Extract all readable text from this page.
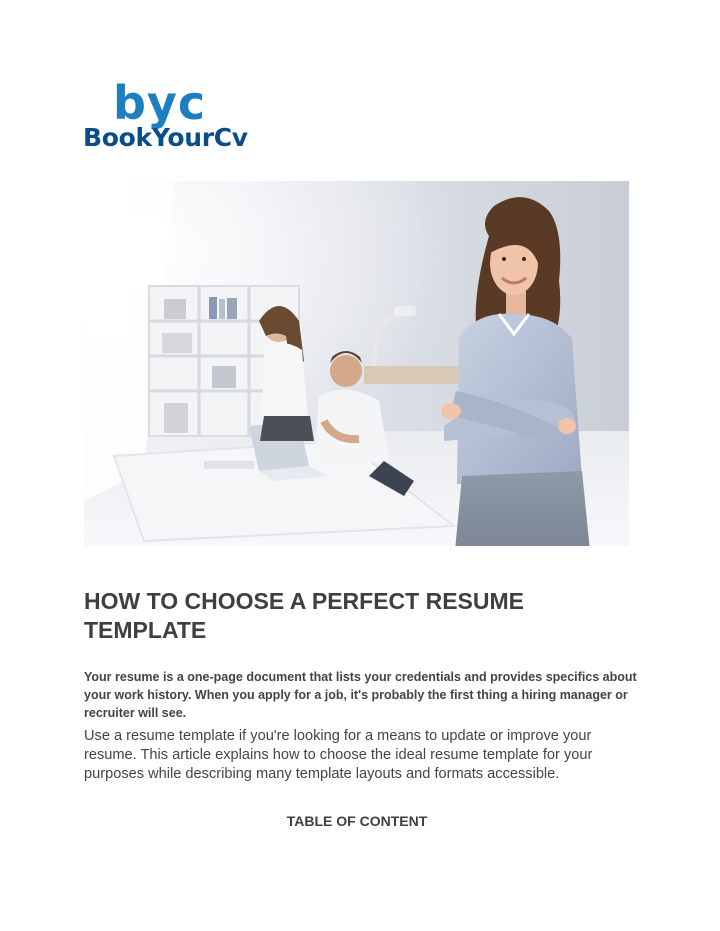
byc
BookYourCv
HOW TO CHOOSE A PERFECT RESUME TEMPLATE

Your resume is a one-page document that lists your credentials and provides specifics about your work history. When you apply for a job, it's probably the first thing a hiring manager or recruiter will see.

Use a resume template if you're looking for a means to update or improve your resume. This article explains how to choose the ideal resume template for your purposes while describing many template layouts and formats accessible.

TABLE OF CONTENT
